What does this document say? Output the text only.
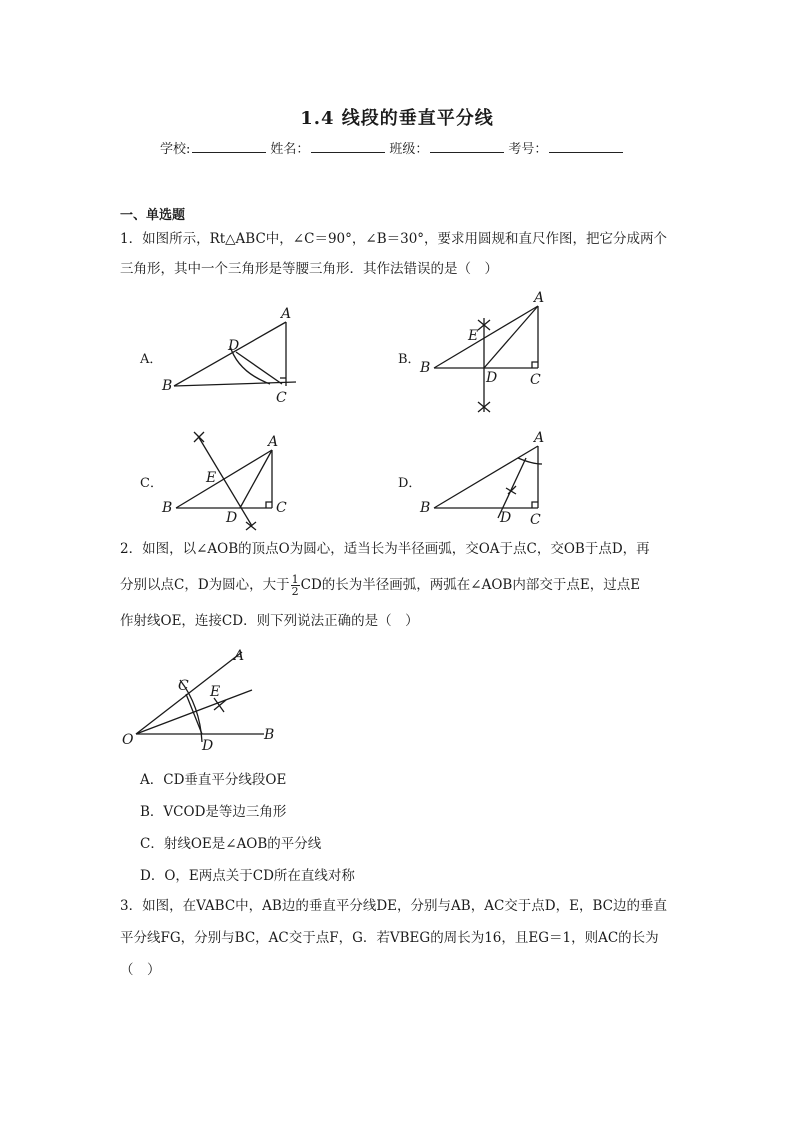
1.4 线段的垂直平分线
学校:	姓名：	班级：	考号：
一、单选题
1．如图所示，Rt△ABC中，∠C＝90°，∠B＝30°，要求用圆规和直尺作图，把它分成两个三角形，其中一个三角形是等腰三角形．其作法错误的是（　）
A．
A
B
C
D
B．
A
B
C
D
E
C．
A
B	C
D
E	D．
A
B
C
D
2．如图，以∠AOB的顶点O为圆心，适当长为半径画弧，交OA于点C，交OB于点D，再
分别以点C，D为圆心，大于 $\frac{1}{2}$ CD的长为半径画弧，两弧在∠AOB内部交于点E，过点E
作射线OE，连接CD．则下列说法正确的是（　）
A
B
C
D
E
O
A．CD垂直平分线段OE
B．VCOD是等边三角形
C．射线OE是∠AOB的平分线
D．O，E两点关于CD所在直线对称
3．如图，在VABC中，AB边的垂直平分线DE，分别与AB，AC交于点D，E，BC边的垂直平分线FG，分别与BC，AC交于点F，G．若VBEG的周长为16，且EG＝1，则AC的长为（　）
